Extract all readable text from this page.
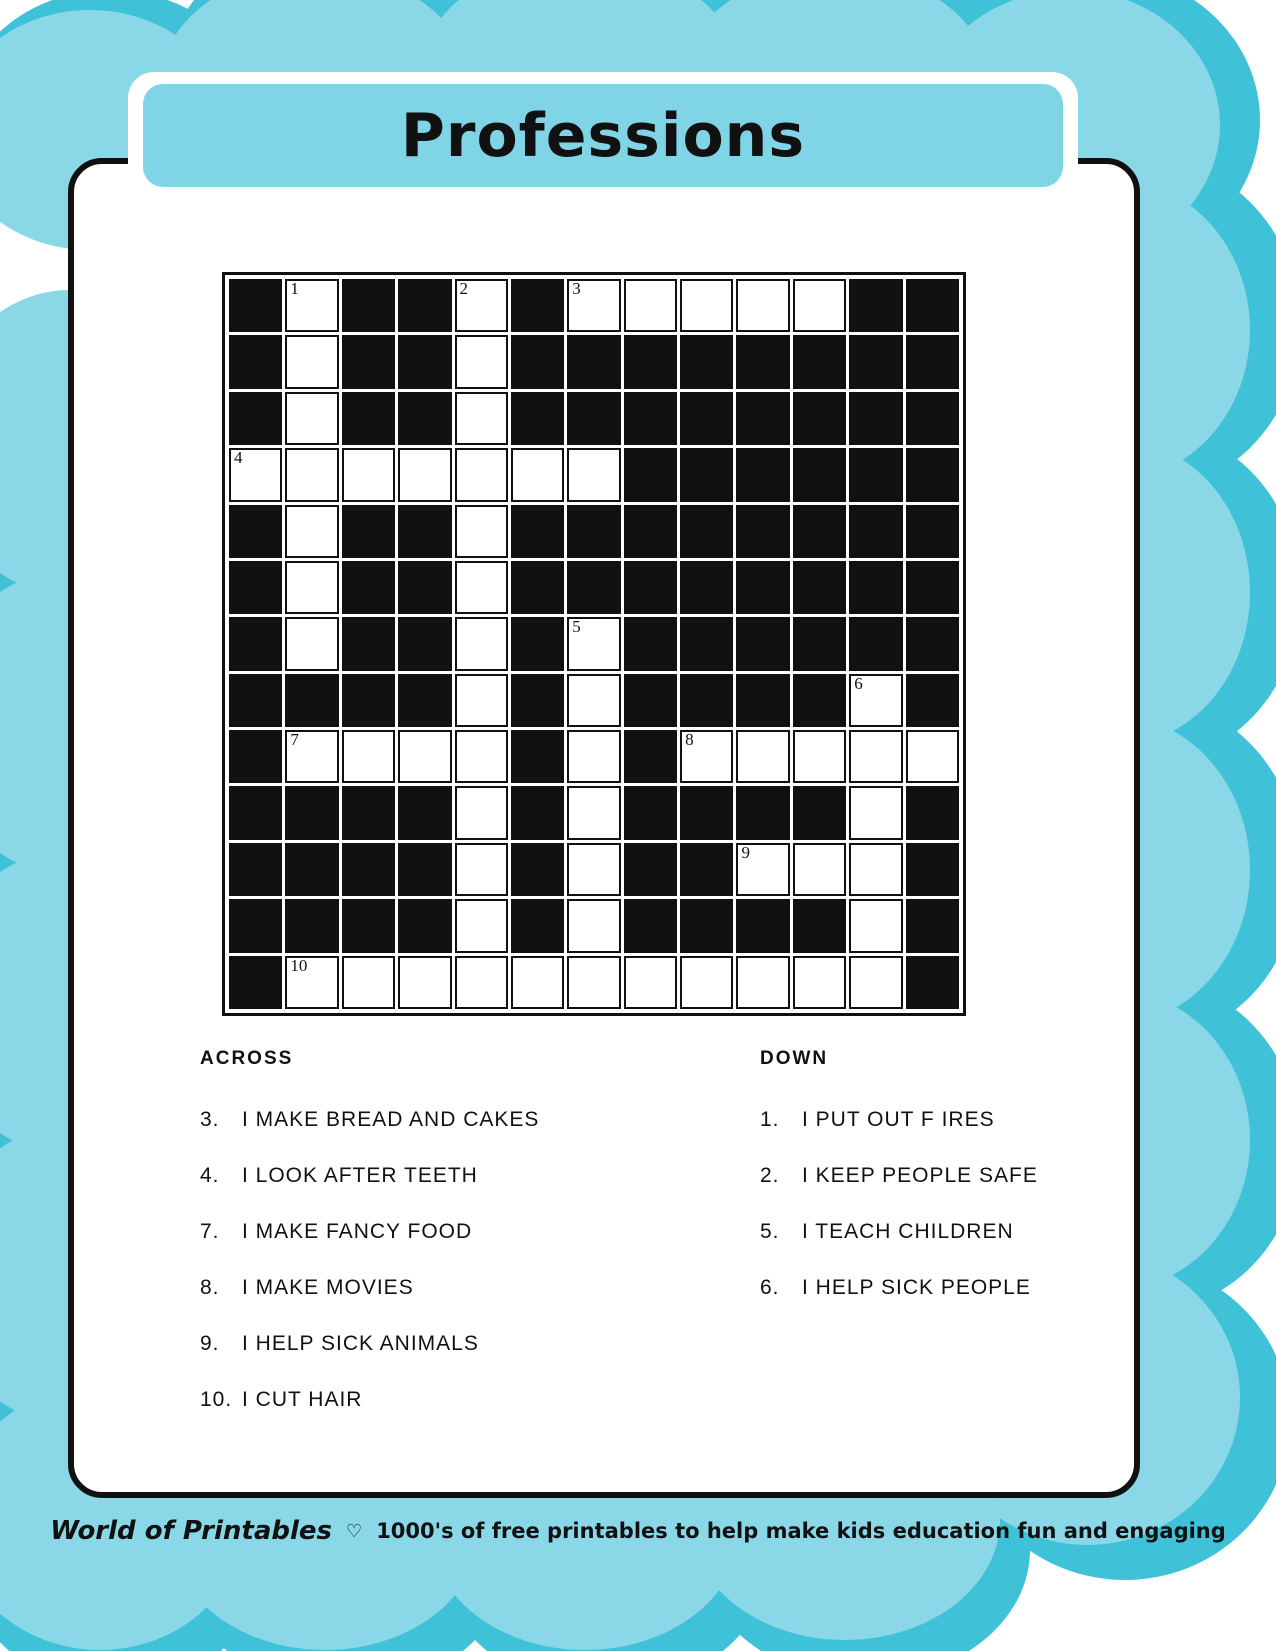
Professions
1	2	3
4
5
6
7	8
9
10
ACROSS
3.	I MAKE BREAD AND CAKES
4.	I LOOK AFTER TEETH
7.	I MAKE FANCY FOOD
8.	I MAKE MOVIES
9.	I HELP SICK ANIMALS
10. I CUT HAIR
DOWN
1.	I PUT OUT F IRES
2.	I KEEP PEOPLE SAFE
5.	I TEACH CHILDREN
6.	I HELP SICK PEOPLE
World of Printables ♡ 1000's of free printables to help make kids education fun and engaging
